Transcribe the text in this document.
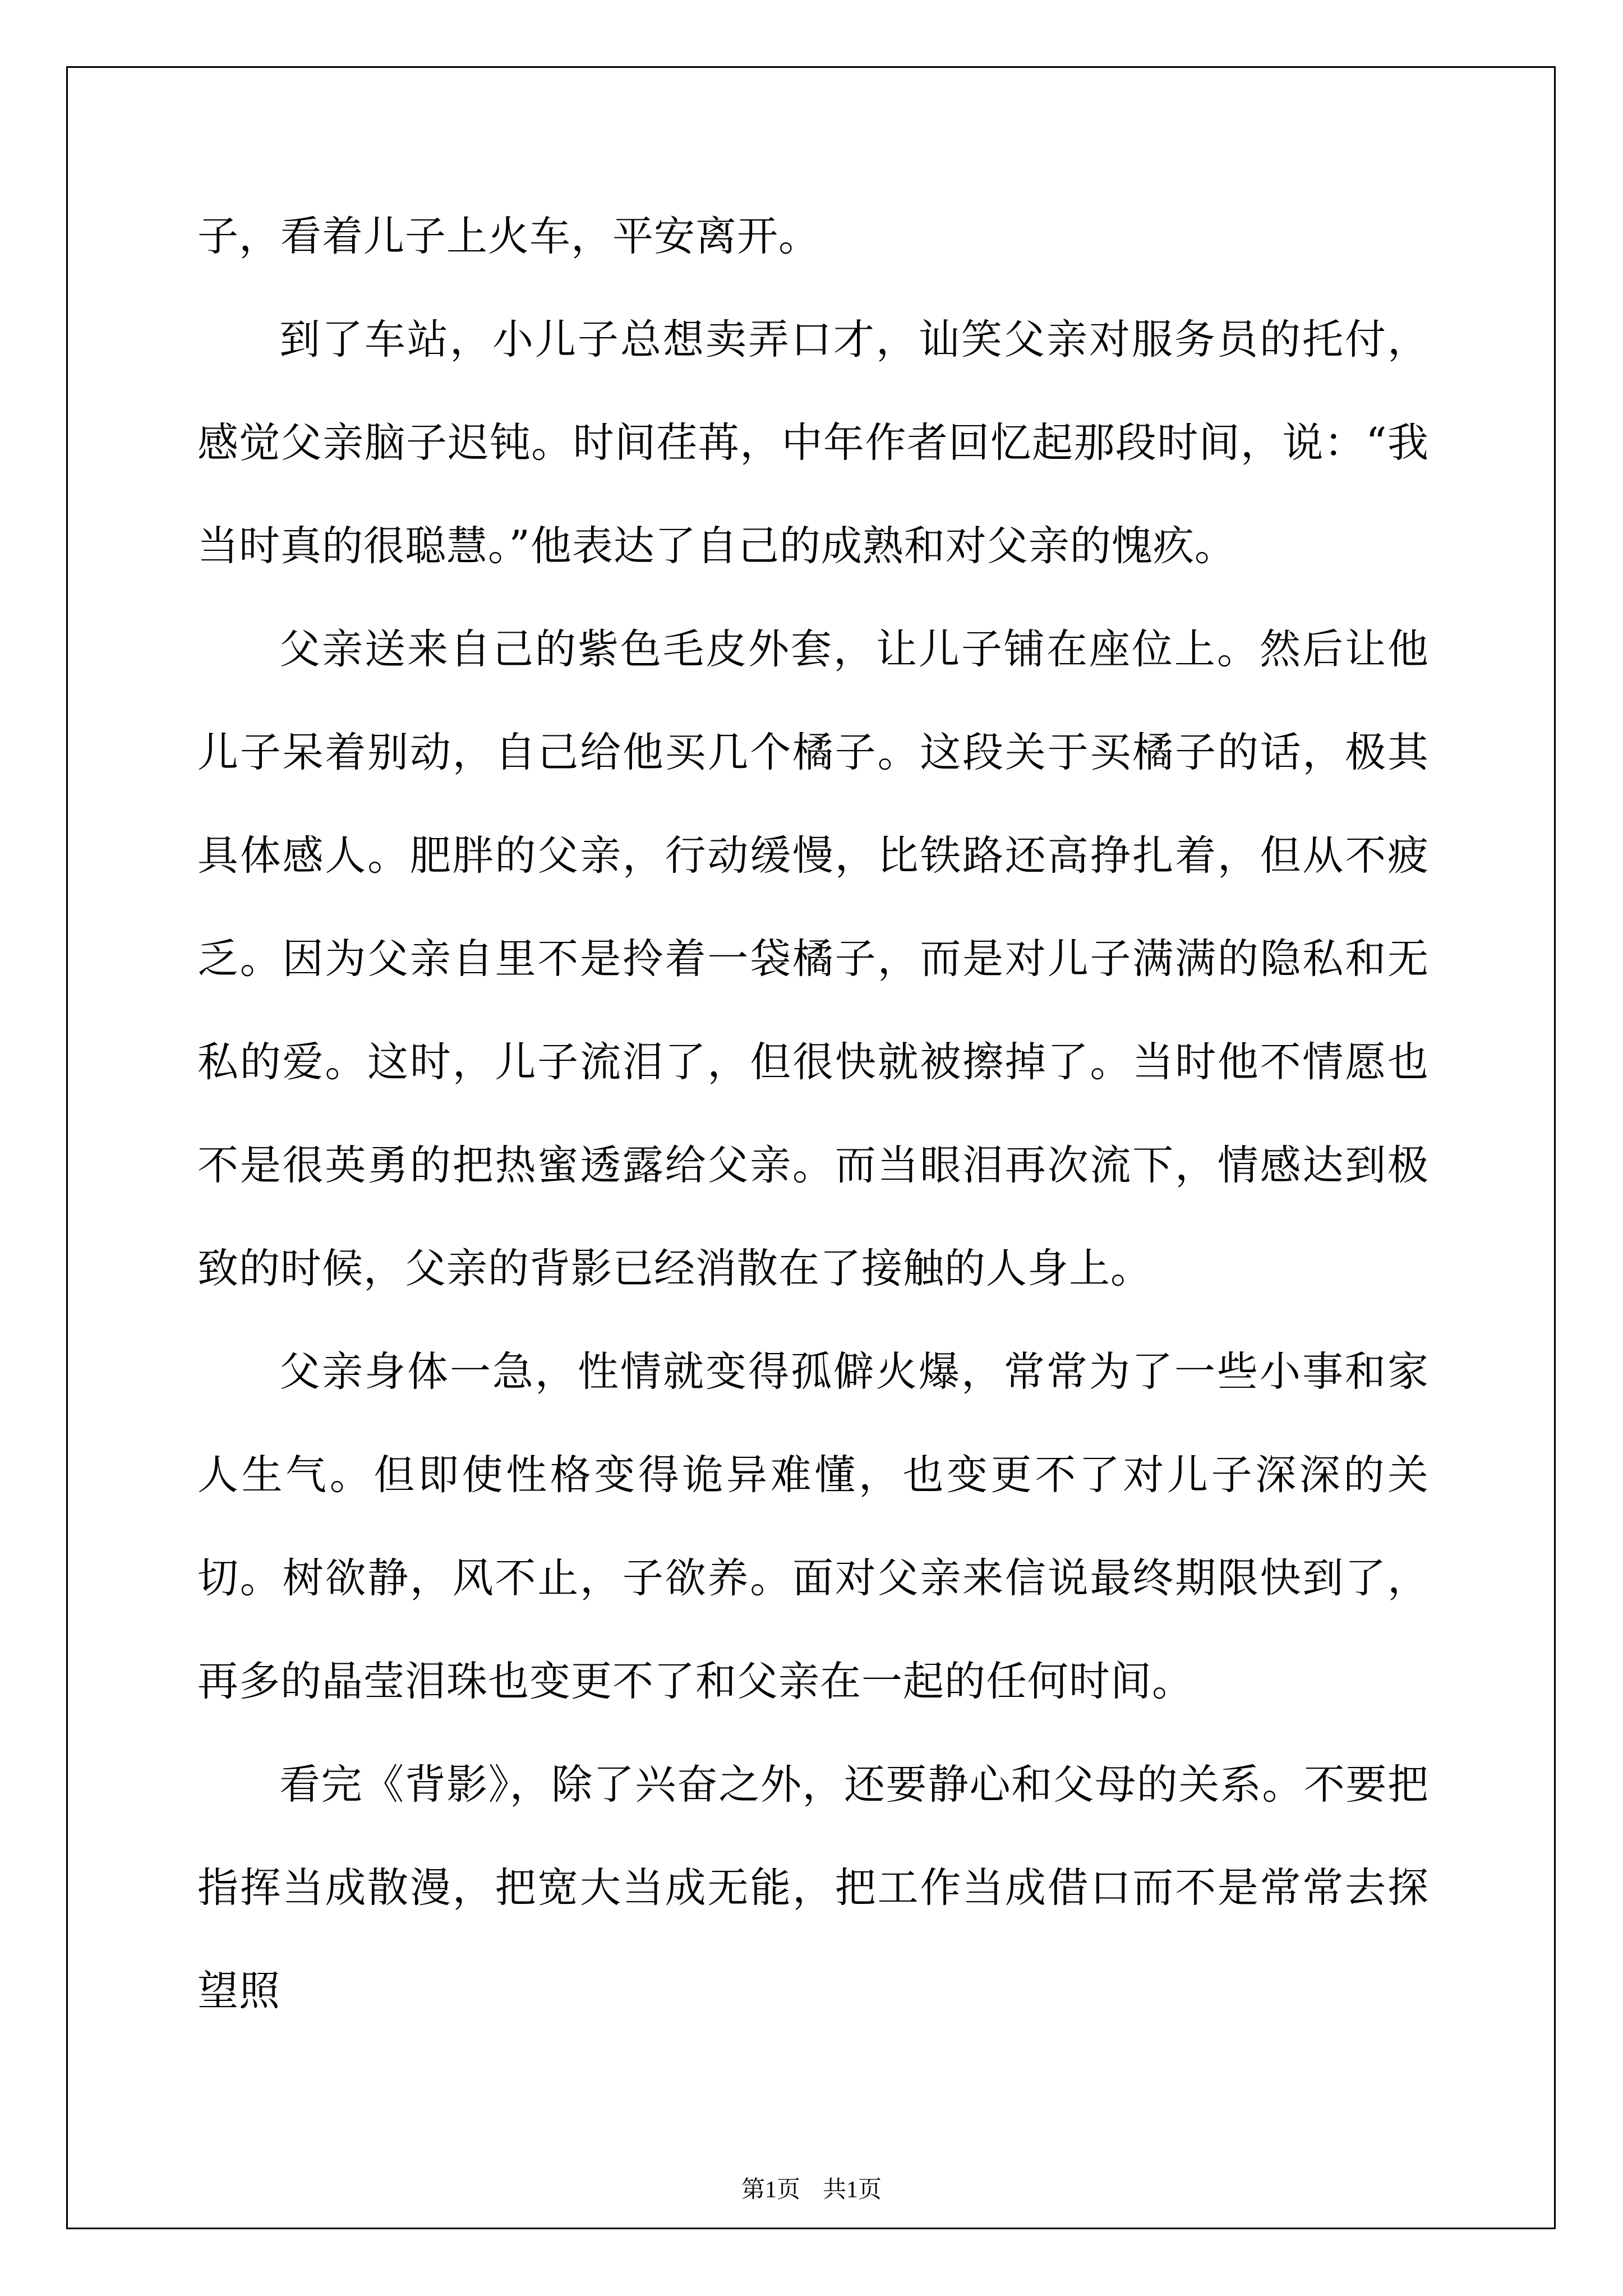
子，看着儿子上火车，平安离开。

到了车站，小儿子总想卖弄口才，讪笑父亲对服务员的托付，感觉父亲脑子迟钝。时间荏苒，中年作者回忆起那段时间，说：“我当时真的很聪慧。”他表达了自己的成熟和对父亲的愧疚。

父亲送来自己的紫色毛皮外套，让儿子铺在座位上。然后让他儿子呆着别动，自己给他买几个橘子。这段关于买橘子的话，极其具体感人。肥胖的父亲，行动缓慢，比铁路还高挣扎着，但从不疲乏。因为父亲自里不是拎着一袋橘子，而是对儿子满满的隐私和无私的爱。这时，儿子流泪了，但很快就被擦掉了。当时他不情愿也不是很英勇的把热蜜透露给父亲。而当眼泪再次流下，情感达到极致的时候，父亲的背影已经消散在了接触的人身上。

父亲身体一急，性情就变得孤僻火爆，常常为了一些小事和家人生气。但即使性格变得诡异难懂，也变更不了对儿子深深的关切。树欲静，风不止，子欲养。面对父亲来信说最终期限快到了，再多的晶莹泪珠也变更不了和父亲在一起的任何时间。

看完《背影》，除了兴奋之外，还要静心和父母的关系。不要把指挥当成散漫，把宽大当成无能，把工作当成借口而不是常常去探望照

第1页 共1页
